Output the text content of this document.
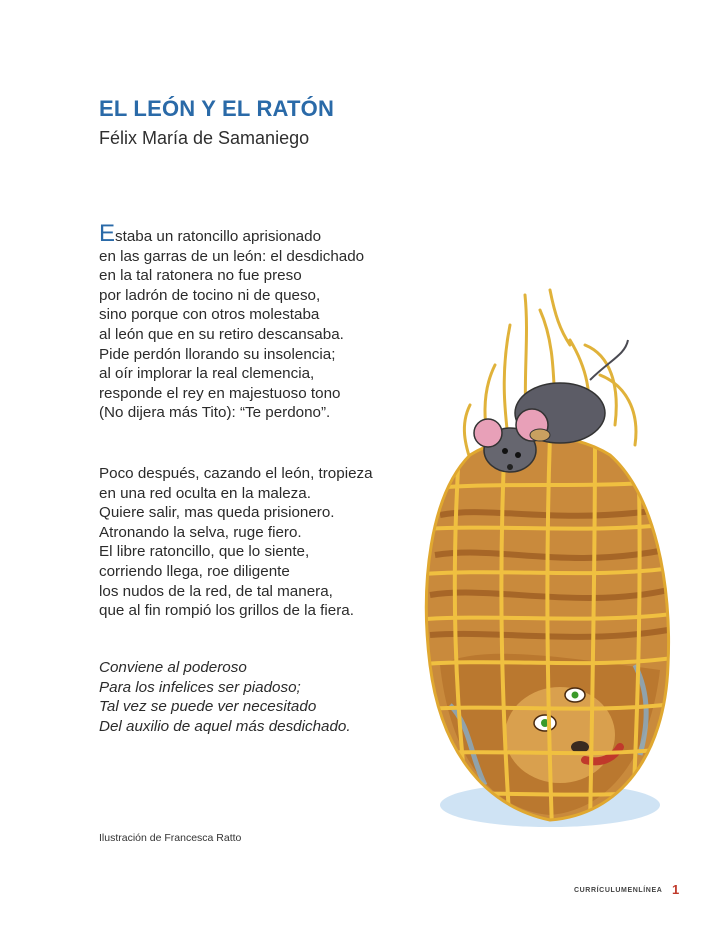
EL LEÓN Y EL RATÓN
Félix María de Samaniego
Estaba un ratoncillo aprisionado
en las garras de un león: el desdichado
en la tal ratonera no fue preso
por ladrón de tocino ni de queso,
sino porque con otros molestaba
al león que en su retiro descansaba.
Pide perdón llorando su insolencia;
al oír implorar la real clemencia,
responde el rey en majestuoso tono
(No dijera más Tito): “Te perdono”.
Poco después, cazando el león, tropieza
en una red oculta en la maleza.
Quiere salir, mas queda prisionero.
Atronando la selva, ruge fiero.
El libre ratoncillo, que lo siente,
corriendo llega, roe diligente
los nudos de la red, de tal manera,
que al fin rompió los grillos de la fiera.
Conviene al poderoso
Para los infelices ser piadoso;
Tal vez se puede ver necesitado
Del auxilio de aquel más desdichado.
Ilustración de Francesca Ratto
CURRÍCULUMENLÍNEA 1
